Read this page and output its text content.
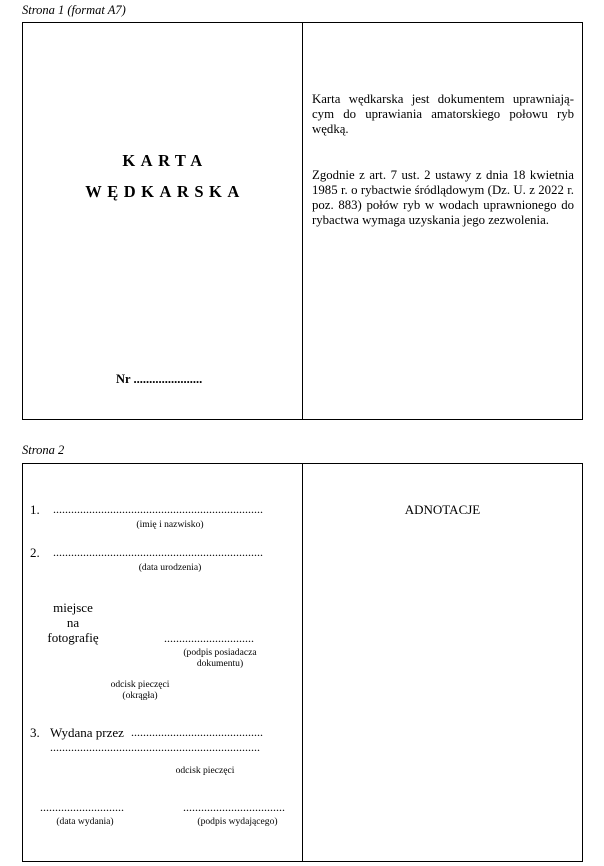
Strona 1 (format A7)
KARTA
WĘDKARSKA
Nr ......................
Karta wędkarska jest dokumentem uprawniają-cym do uprawiania amatorskiego połowu ryb wędką.
Zgodnie z art. 7 ust. 2 ustawy z dnia 18 kwietnia 1985 r. o rybactwie śródlądowym (Dz. U. z 2022 r. poz. 883) połów ryb w wodach uprawnionego do rybactwa wymaga uzyskania jego zezwolenia.
Strona 2
1. ......................................................................
(imię i nazwisko)
2. ......................................................................
(data urodzenia)
miejsce
na
fotografię	..............................
(podpis posiadacza
dokumentu)
odcisk pieczęci
(okrągła)
3. Wydana przez ............................................
......................................................................
odcisk pieczęci
............................
(data wydania)
..................................
(podpis wydającego)
ADNOTACJE
